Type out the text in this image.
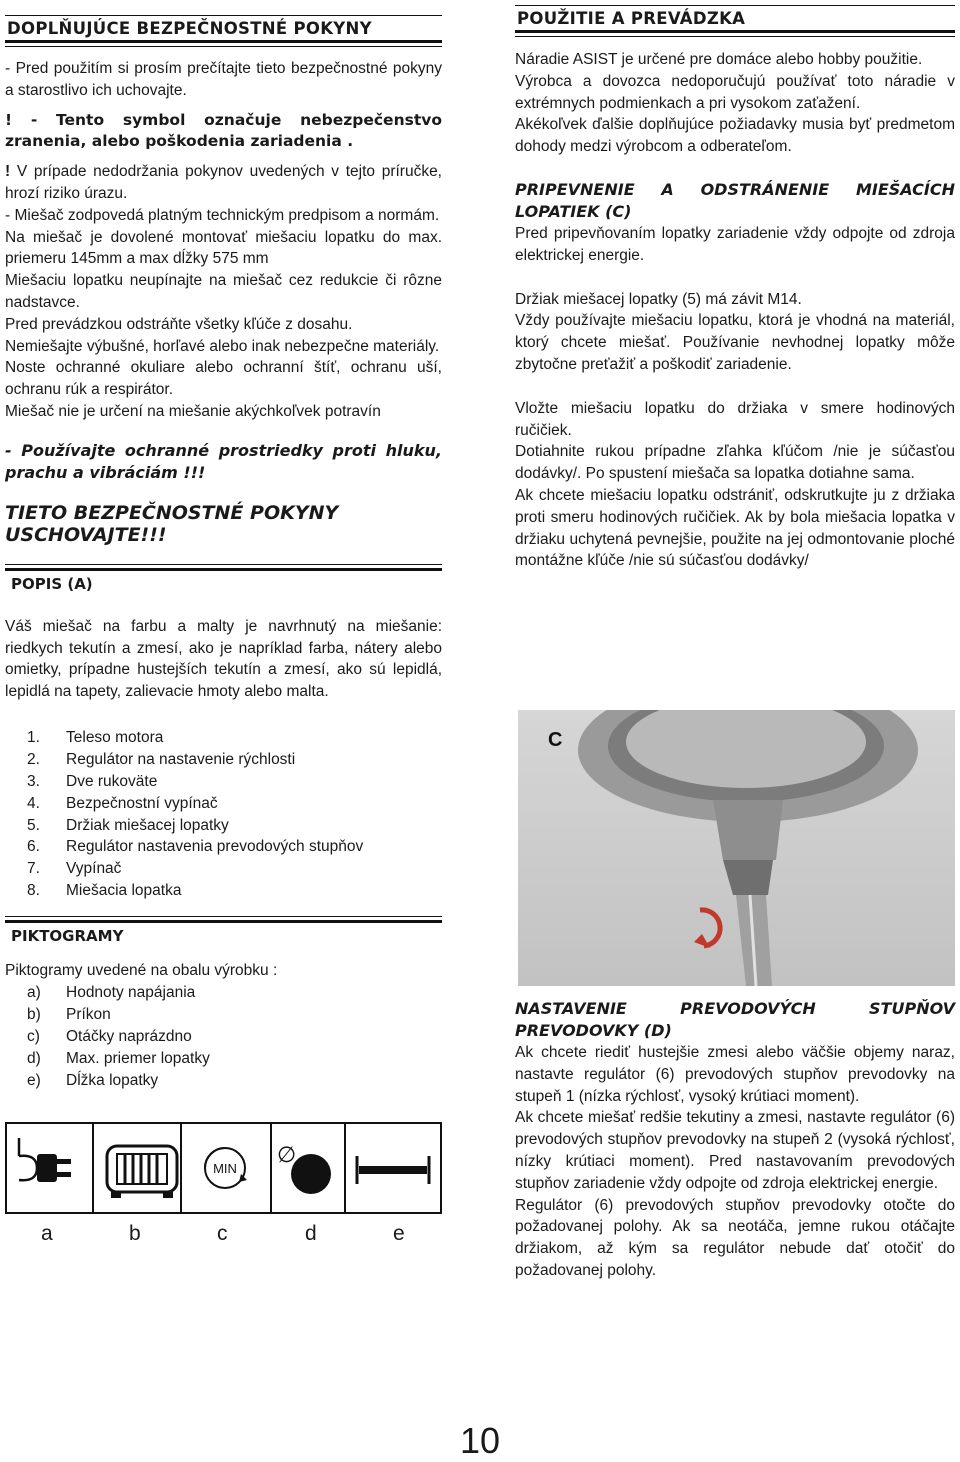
DOPLŇUJÚCE BEZPEČNOSTNÉ POKYNY

- Pred použitím si prosím prečítajte tieto bezpečnostné pokyny a starostlivo ich uchovajte.

! - Tento symbol označuje nebezpečenstvo zranenia, alebo poškodenia zariadenia .

! V prípade nedodržania pokynov uvedených v tejto príručke, hrozí riziko úrazu.

- Miešač zodpovedá platným technickým predpisom a normám.

Na miešač je dovolené montovať miešaciu lopatku do max. priemeru 145mm a max dĺžky 575 mm

Miešaciu lopatku neupínajte na miešač cez redukcie či rôzne nadstavce.

Pred prevádzkou odstráňte všetky kľúče z dosahu.

Nemiešajte výbušné, horľavé alebo inak nebezpečne materiály.

Noste ochranné okuliare alebo ochranní štíť, ochranu uší, ochranu rúk a respirátor.

Miešač nie je určení na miešanie akýchkoľvek potravín

- Používajte ochranné prostriedky proti hluku, prachu a vibráciám !!!

TIETO BEZPEČNOSTNÉ POKYNY USCHOVAJTE!!!

POPIS (A)

Váš miešač na farbu a malty je navrhnutý na miešanie: riedkych tekutín a zmesí, ako je napríklad farba, nátery alebo omietky, prípadne hustejších tekutín a zmesí, ako sú lepidlá, lepidlá na tapety, zalievacie hmoty alebo malta.

1.	Teleso motora
2.	Regulátor na nastavenie rýchlosti
3.	Dve rukoväte
4.	Bezpečnostní vypínač
5.	Držiak miešacej lopatky
6.	Regulátor nastavenia prevodových stupňov
7.	Vypínač
8.	Miešacia lopatka
PIKTOGRAMY

Piktogramy uvedené na obalu výrobku :

a)	Hodnoty napájania
b)	Príkon
c)	Otáčky naprázdno
d)	Max. priemer lopatky
e)	Dĺžka lopatky
MIN
∅
a	b	c	d	e
POUŽITIE A PREVÁDZKA

Náradie ASIST je určené pre domáce alebo hobby použitie.

Výrobca a dovozca nedoporučujú používať toto náradie v extrémnych podmienkach a pri vysokom zaťažení.

Akékoľvek ďalšie doplňujúce požiadavky musia byť predmetom dohody medzi výrobcom a odberateľom.

PRIPEVNENIE A ODSTRÁNENIE MIEŠACÍCH LOPATIEK (C)

Pred pripevňovaním lopatky zariadenie vždy odpojte od zdroja elektrickej energie.

Držiak miešacej lopatky (5) má závit M14.

Vždy používajte miešaciu lopatku, ktorá je vhodná na materiál, ktorý chcete miešať. Používanie nevhodnej lopatky môže zbytočne preťažiť a poškodiť zariadenie.

Vložte miešaciu lopatku do držiaka v smere hodinových ručičiek.

Dotiahnite rukou prípadne zľahka kľúčom /nie je súčasťou dodávky/. Po spustení miešača sa lopatka dotiahne sama.

Ak chcete miešaciu lopatku odstrániť, odskrutkujte ju z držiaka proti smeru hodinových ručičiek. Ak by bola miešacia lopatka v držiaku uchytená pevnejšie, použite na jej odmontovanie ploché montážne kľúče /nie sú súčasťou dodávky/

C

NASTAVENIE PREVODOVÝCH STUPŇOV PREVODOVKY (D)

Ak chcete riediť hustejšie zmesi alebo väčšie objemy naraz, nastavte regulátor (6) prevodových stupňov prevodovky na stupeň 1 (nízka rýchlosť, vysoký krútiaci moment).

Ak chcete miešať redšie tekutiny a zmesi, nastavte regulátor (6) prevodových stupňov prevodovky na stupeň 2 (vysoká rýchlosť, nízky krútiaci moment). Pred nastavovaním prevodových stupňov zariadenie vždy odpojte od zdroja elektrickej energie.

Regulátor (6) prevodových stupňov prevodovky otočte do požadovanej polohy. Ak sa neotáča, jemne rukou otáčajte držiakom, až kým sa regulátor nebude dať otočiť do požadovanej polohy.

10
